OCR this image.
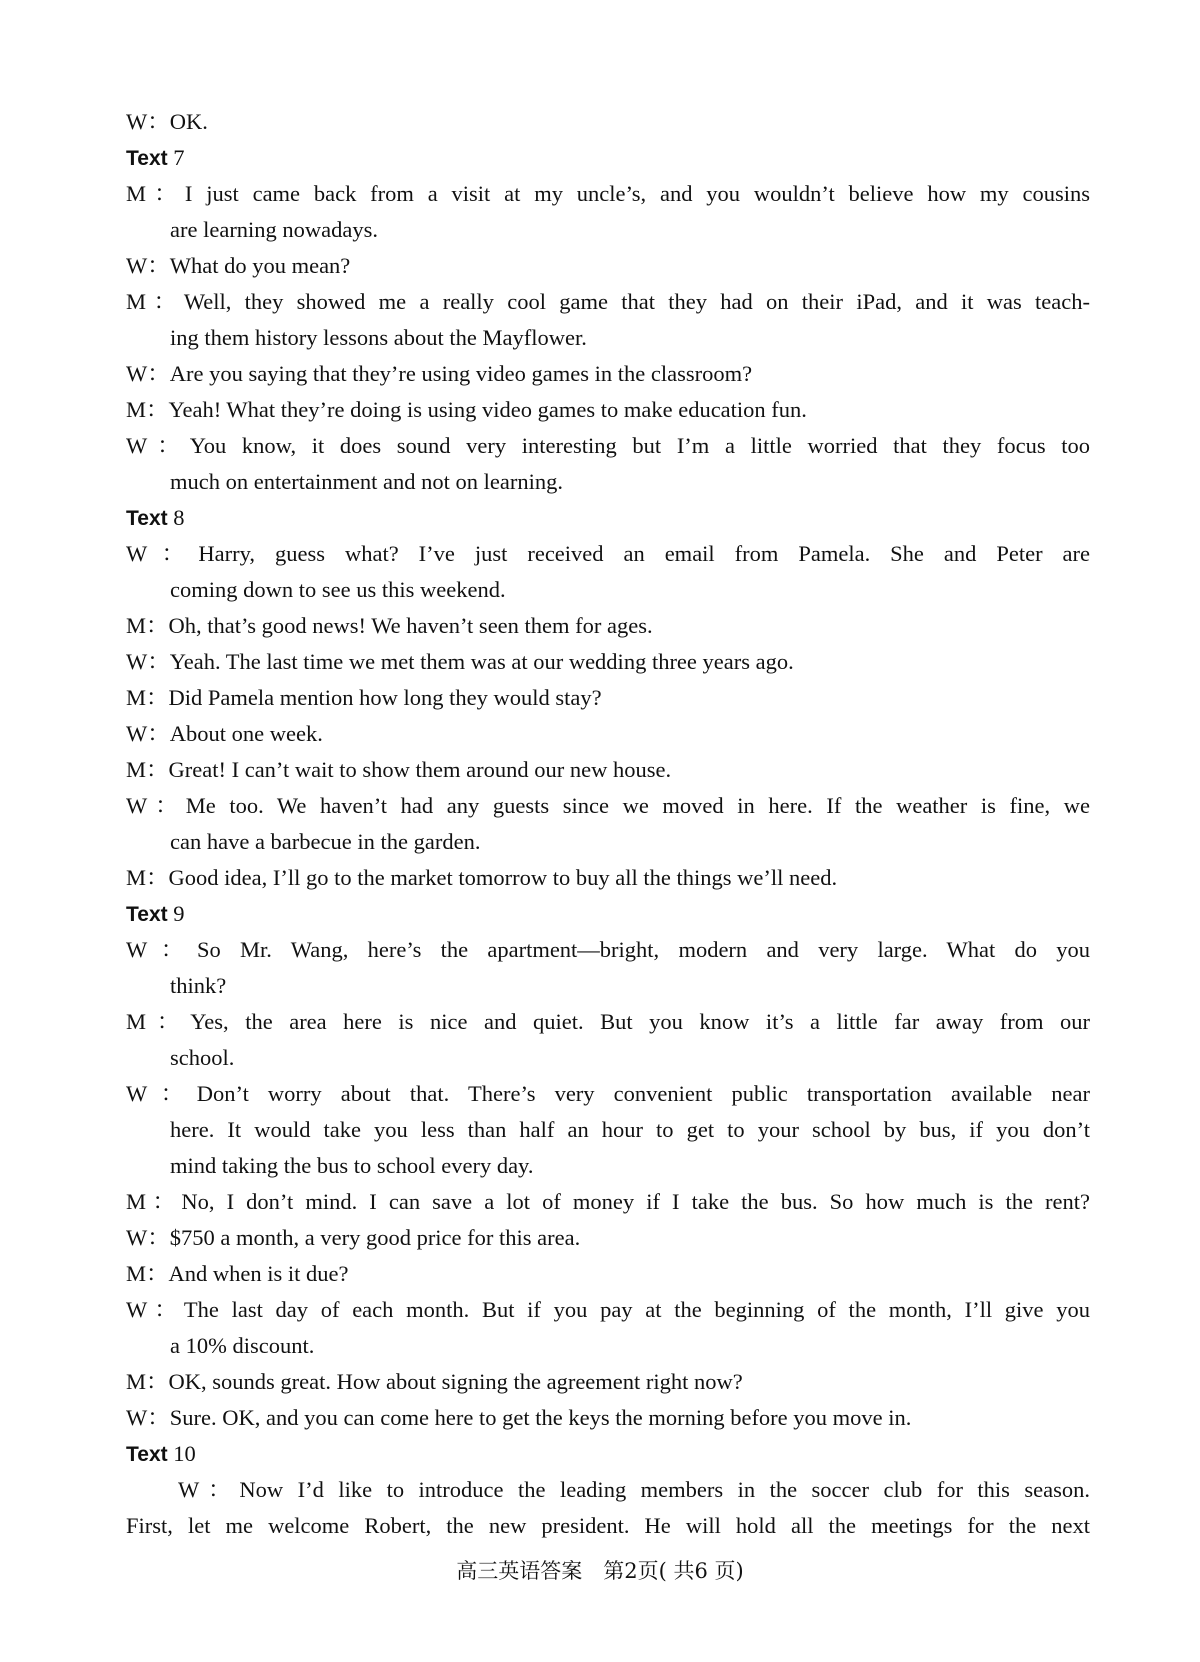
W：OK.
Text 7
M：I just came back from a visit at my uncle’s, and you wouldn’t believe how my cousins
are learning nowadays.
W：What do you mean?
M：Well, they showed me a really cool game that they had on their iPad, and it was teach-
ing them history lessons about the Mayflower.
W：Are you saying that they’re using video games in the classroom?
M：Yeah! What they’re doing is using video games to make education fun.
W：You know, it does sound very interesting but I’m a little worried that they focus too
much on entertainment and not on learning.
Text 8
W：Harry, guess what? I’ve just received an email from Pamela. She and Peter are
coming down to see us this weekend.
M：Oh, that’s good news! We haven’t seen them for ages.
W：Yeah. The last time we met them was at our wedding three years ago.
M：Did Pamela mention how long they would stay?
W：About one week.
M：Great! I can’t wait to show them around our new house.
W：Me too. We haven’t had any guests since we moved in here. If the weather is fine, we
can have a barbecue in the garden.
M：Good idea, I’ll go to the market tomorrow to buy all the things we’ll need.
Text 9
W：So Mr. Wang, here’s the apartment—bright, modern and very large. What do you
think?
M：Yes, the area here is nice and quiet. But you know it’s a little far away from our
school.
W：Don’t worry about that. There’s very convenient public transportation available near
here. It would take you less than half an hour to get to your school by bus, if you don’t
mind taking the bus to school every day.
M：No, I don’t mind. I can save a lot of money if I take the bus. So how much is the rent?
W：$750 a month, a very good price for this area.
M：And when is it due?
W：The last day of each month. But if you pay at the beginning of the month, I’ll give you
a 10% discount.
M：OK, sounds great. How about signing the agreement right now?
W：Sure. OK, and you can come here to get the keys the morning before you move in.
Text 10
W：Now I’d like to introduce the leading members in the soccer club for this season.
First, let me welcome Robert, the new president. He will hold all the meetings for the next
高三英语答案　第2页( 共6 页)
